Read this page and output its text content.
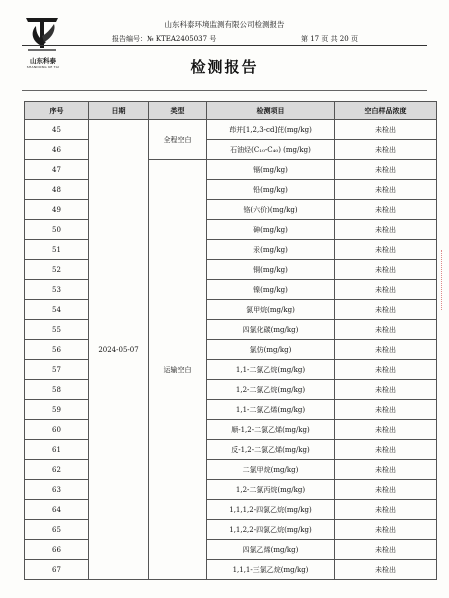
山东科泰
SHANDONG KE TAI
山东科泰环境监测有限公司检测报告
报告编号：№ KTEA2405037 号	第 17 页 共 20 页
检测报告
序号	日期	类型	检测项目	空白样品浓度
45	2024-05-07	全程空白	茚并[1,2,3-cd]芘(mg/kg)	未检出
46			石油烃(C₁₀-C₄₀) (mg/kg)	未检出
47		运输空白	镉(mg/kg)	未检出
48			铅(mg/kg)	未检出
49			铬(六价)(mg/kg)	未检出
50			砷(mg/kg)	未检出
51			汞(mg/kg)	未检出
52			铜(mg/kg)	未检出
53			镍(mg/kg)	未检出
54			氯甲烷(mg/kg)	未检出
55			四氯化碳(mg/kg)	未检出
56			氯仿(mg/kg)	未检出
57			1,1-二氯乙烷(mg/kg)	未检出
58			1,2-二氯乙烷(mg/kg)	未检出
59			1,1-二氯乙烯(mg/kg)	未检出
60			顺-1,2-二氯乙烯(mg/kg)	未检出
61			反-1,2-二氯乙烯(mg/kg)	未检出
62			二氯甲烷(mg/kg)	未检出
63			1,2-二氯丙烷(mg/kg)	未检出
64			1,1,1,2-四氯乙烷(mg/kg)	未检出
65			1,1,2,2-四氯乙烷(mg/kg)	未检出
66			四氯乙烯(mg/kg)	未检出
67			1,1,1-三氯乙烷(mg/kg)	未检出
